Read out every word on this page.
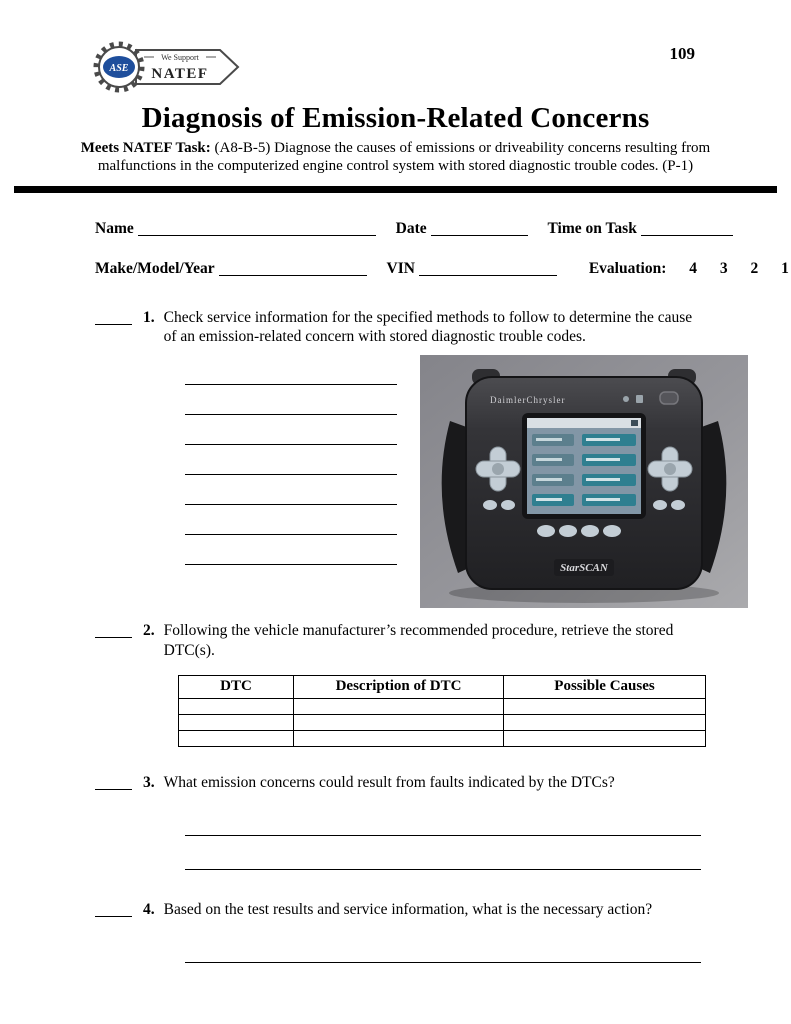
ASE
We Support
NATEF
109
Diagnosis of Emission-Related Concerns

Meets NATEF Task: (A8-B-5) Diagnose the causes of emissions or driveability concerns resulting from malfunctions in the computerized engine control system with stored diagnostic trouble codes. (P-1)

Name	Date	Time on Task
Make/Model/Year	VIN	Evaluation: 4 3 2 1
1. Check service information for the specified methods to follow to determine the cause of an emission-related concern with stored diagnostic trouble codes.
DaimlerChrysler
StarSCAN
2. Following the vehicle manufacturer’s recommended procedure, retrieve the stored DTC(s).
DTC	Description of DTC	Possible Causes

3. What emission concerns could result from faults indicated by the DTCs?
4. Based on the test results and service information, what is the necessary action?
